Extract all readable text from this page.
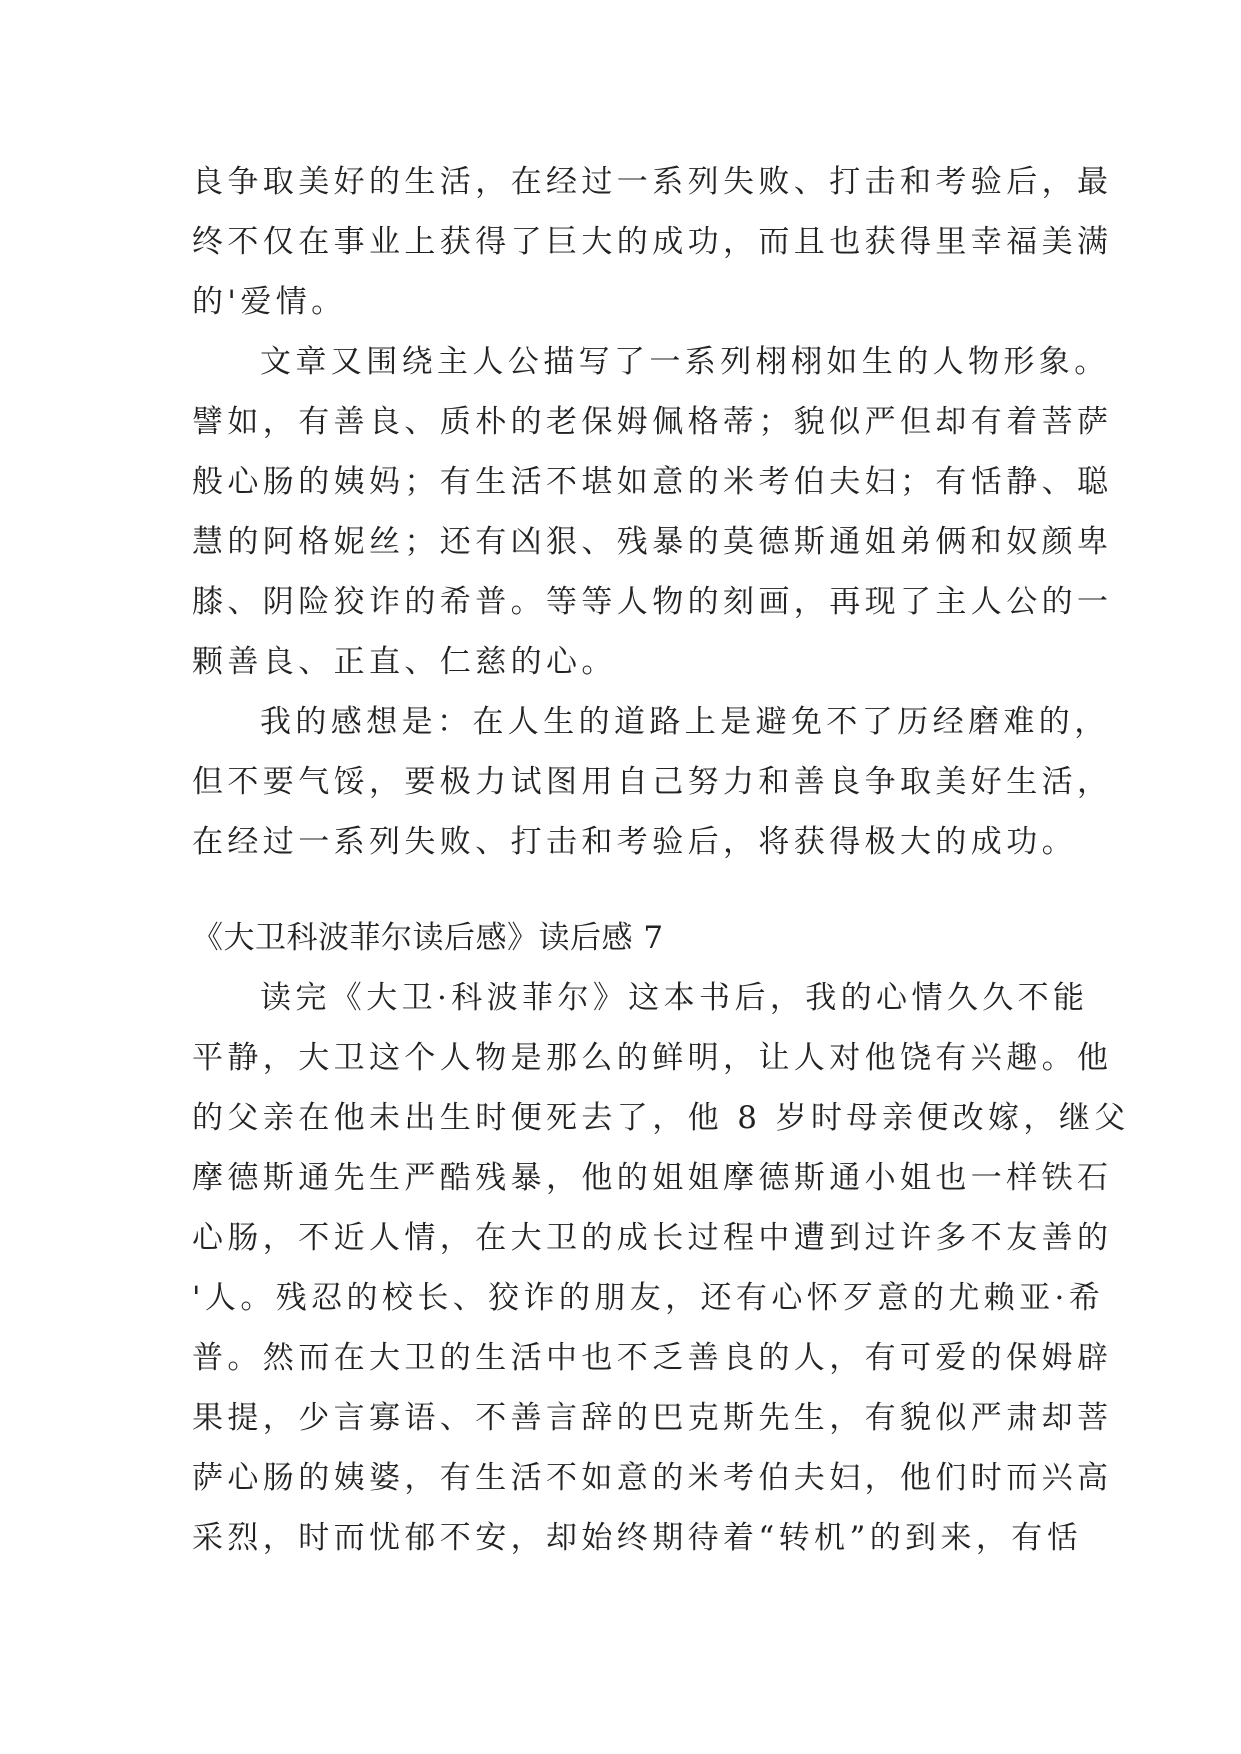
良争取美好的生活，在经过一系列失败、打击和考验后，最
终不仅在事业上获得了巨大的成功，而且也获得里幸福美满
的'爱情。
文章又围绕主人公描写了一系列栩栩如生的人物形象。
譬如，有善良、质朴的老保姆佩格蒂；貌似严但却有着菩萨
般心肠的姨妈；有生活不堪如意的米考伯夫妇；有恬静、聪
慧的阿格妮丝；还有凶狠、残暴的莫德斯通姐弟俩和奴颜卑
膝、阴险狡诈的希普。等等人物的刻画，再现了主人公的一
颗善良、正直、仁慈的心。
我的感想是：在人生的道路上是避免不了历经磨难的，
但不要气馁，要极力试图用自己努力和善良争取美好生活，
在经过一系列失败、打击和考验后，将获得极大的成功。
《大卫科波菲尔读后感》读后感 7
读完《大卫·科波菲尔》这本书后，我的心情久久不能
平静，大卫这个人物是那么的鲜明，让人对他饶有兴趣。他
的父亲在他未出生时便死去了，他 8 岁时母亲便改嫁，继父
摩德斯通先生严酷残暴，他的姐姐摩德斯通小姐也一样铁石
心肠，不近人情，在大卫的成长过程中遭到过许多不友善的
'人。残忍的校长、狡诈的朋友，还有心怀歹意的尤赖亚·希
普。然而在大卫的生活中也不乏善良的人，有可爱的保姆辟
果提，少言寡语、不善言辞的巴克斯先生，有貌似严肃却菩
萨心肠的姨婆，有生活不如意的米考伯夫妇，他们时而兴高
采烈，时而忧郁不安，却始终期待着“转机”的到来，有恬
